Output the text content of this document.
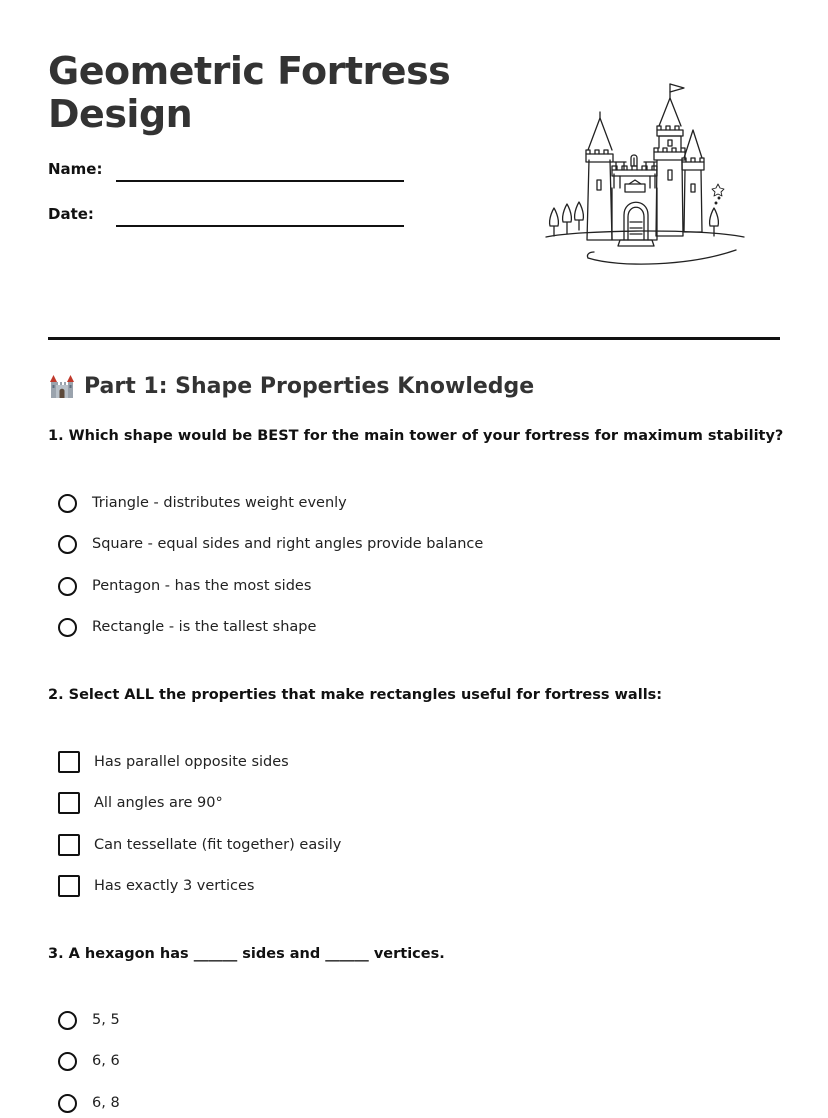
Geometric Fortress Design
Name:
Date:
Part 1: Shape Properties Knowledge

1. Which shape would be BEST for the main tower of your fortress for maximum stability?

Triangle - distributes weight evenly
Square - equal sides and right angles provide balance
Pentagon - has the most sides
Rectangle - is the tallest shape

2. Select ALL the properties that make rectangles useful for fortress walls:

Has parallel opposite sides
All angles are 90°
Can tessellate (fit together) easily
Has exactly 3 vertices

3. A hexagon has ______ sides and ______ vertices.

5, 5
6, 6
6, 8
